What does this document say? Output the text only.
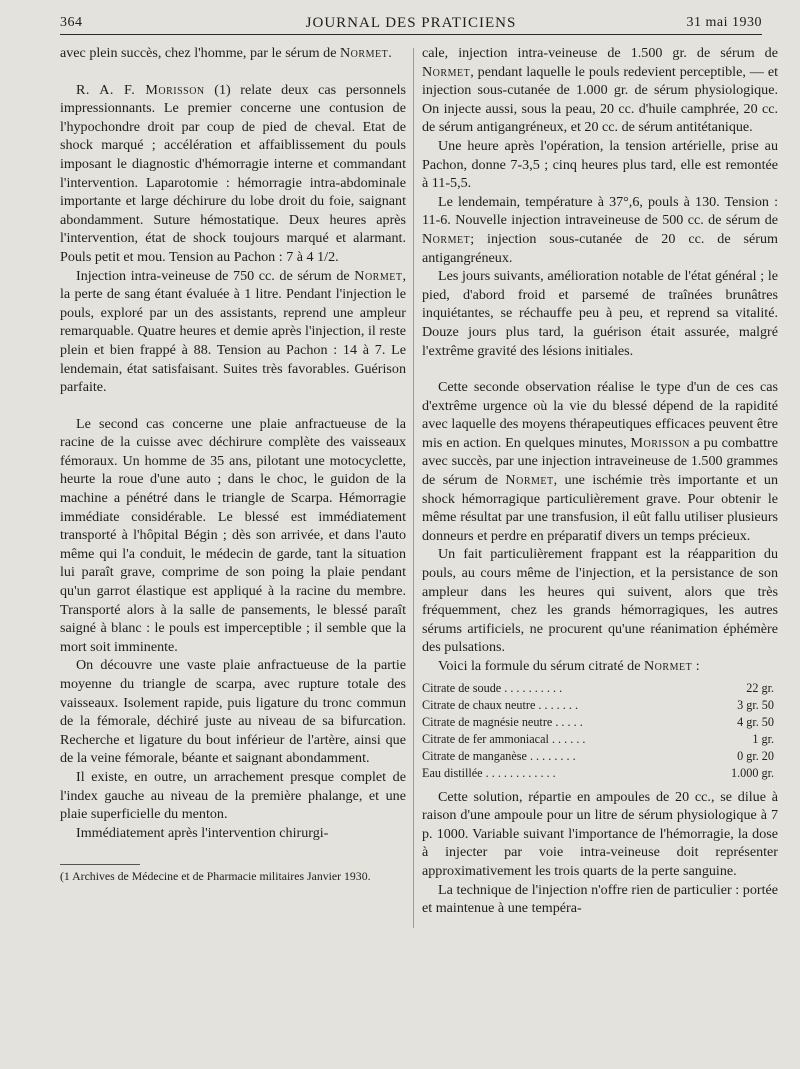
364	JOURNAL DES PRATICIENS	31 mai 1930

avec plein succès, chez l'homme, par le sérum de Normet.

R. A. F. Morisson (1) relate deux cas personnels impressionnants. Le premier concerne une contusion de l'hypochondre droit par coup de pied de cheval. Etat de shock marqué ; accélération et affaiblissement du pouls imposant le diagnostic d'hémorragie interne et commandant l'intervention. Laparotomie : hémorragie intra-abdominale importante et large déchirure du lobe droit du foie, saignant abondamment. Suture hémostatique. Deux heures après l'intervention, état de shock toujours marqué et alarmant. Pouls petit et mou. Tension au Pachon : 7 à 4 1/2.

Injection intra-veineuse de 750 cc. de sérum de Normet, la perte de sang étant évaluée à 1 litre. Pendant l'injection le pouls, exploré par un des assistants, reprend une ampleur remarquable. Quatre heures et demie après l'injection, il reste plein et bien frappé à 88. Tension au Pachon : 14 à 7. Le lendemain, état satisfaisant. Suites très favorables. Guérison parfaite.

Le second cas concerne une plaie anfractueuse de la racine de la cuisse avec déchirure complète des vaisseaux fémoraux. Un homme de 35 ans, pilotant une motocyclette, heurte la roue d'une auto ; dans le choc, le guidon de la machine a pénétré dans le triangle de Scarpa. Hémorragie immédiate considérable. Le blessé est immédiatement transporté à l'hôpital Bégin ; dès son arrivée, et dans l'auto même qui l'a conduit, le médecin de garde, tant la situation lui paraît grave, comprime de son poing la plaie pendant qu'un garrot élastique est appliqué à la racine du membre. Transporté alors à la salle de pansements, le blessé paraît saigné à blanc : le pouls est imperceptible ; il semble que la mort soit imminente.

On découvre une vaste plaie anfractueuse de la partie moyenne du triangle de scarpa, avec rupture totale des vaisseaux. Isolement rapide, puis ligature du tronc commun de la fémorale, déchiré juste au niveau de sa bifurcation. Recherche et ligature du bout inférieur de l'artère, ainsi que de la veine fémorale, béante et saignant abondamment.

Il existe, en outre, un arrachement presque complet de l'index gauche au niveau de la première phalange, et une plaie superficielle du menton.

Immédiatement après l'intervention chirurgi-

(1 Archives de Médecine et de Pharmacie militaires Janvier 1930.

cale, injection intra-veineuse de 1.500 gr. de sérum de Normet, pendant laquelle le pouls redevient perceptible, — et injection sous-cutanée de 1.000 gr. de sérum physiologique. On injecte aussi, sous la peau, 20 cc. d'huile camphrée, 20 cc. de sérum antigangréneux, et 20 cc. de sérum antitétanique.

Une heure après l'opération, la tension artérielle, prise au Pachon, donne 7-3,5 ; cinq heures plus tard, elle est remontée à 11-5,5.

Le lendemain, température à 37°,6, pouls à 130. Tension : 11-6. Nouvelle injection intraveineuse de 500 cc. de sérum de Normet; injection sous-cutanée de 20 cc. de sérum antigangréneux.

Les jours suivants, amélioration notable de l'état général ; le pied, d'abord froid et parsemé de traînées brunâtres inquiétantes, se réchauffe peu à peu, et reprend sa vitalité. Douze jours plus tard, la guérison était assurée, malgré l'extrême gravité des lésions initiales.

Cette seconde observation réalise le type d'un de ces cas d'extrême urgence où la vie du blessé dépend de la rapidité avec laquelle des moyens thérapeutiques efficaces peuvent être mis en action. En quelques minutes, Morisson a pu combattre avec succès, par une injection intraveineuse de 1.500 grammes de sérum de Normet, une ischémie très importante et un shock hémorragique particulièrement grave. Pour obtenir le même résultat par une transfusion, il eût fallu utiliser plusieurs donneurs et perdre en préparatif divers un temps précieux.

Un fait particulièrement frappant est la réapparition du pouls, au cours même de l'injection, et la persistance de son ampleur dans les heures qui suivent, alors que très fréquemment, chez les grands hémorragiques, les autres sérums artificiels, ne procurent qu'une réanimation éphémère des pulsations.

Voici la formule du sérum citraté de Normet :

Citrate de soude . . . . . . . . . .	22 gr.
Citrate de chaux neutre . . . . . . .	3 gr. 50
Citrate de magnésie neutre . . . . .	4 gr. 50
Citrate de fer ammoniacal . . . . . .	1 gr.
Citrate de manganèse . . . . . . . .	0 gr. 20
Eau distillée . . . . . . . . . . . .	1.000 gr.

Cette solution, répartie en ampoules de 20 cc., se dilue à raison d'une ampoule pour un litre de sérum physiologique à 7 p. 1000. Variable suivant l'importance de l'hémorragie, la dose à injecter par voie intra-veineuse doit représenter approximativement les trois quarts de la perte sanguine.

La technique de l'injection n'offre rien de particulier : portée et maintenue à une tempéra-
